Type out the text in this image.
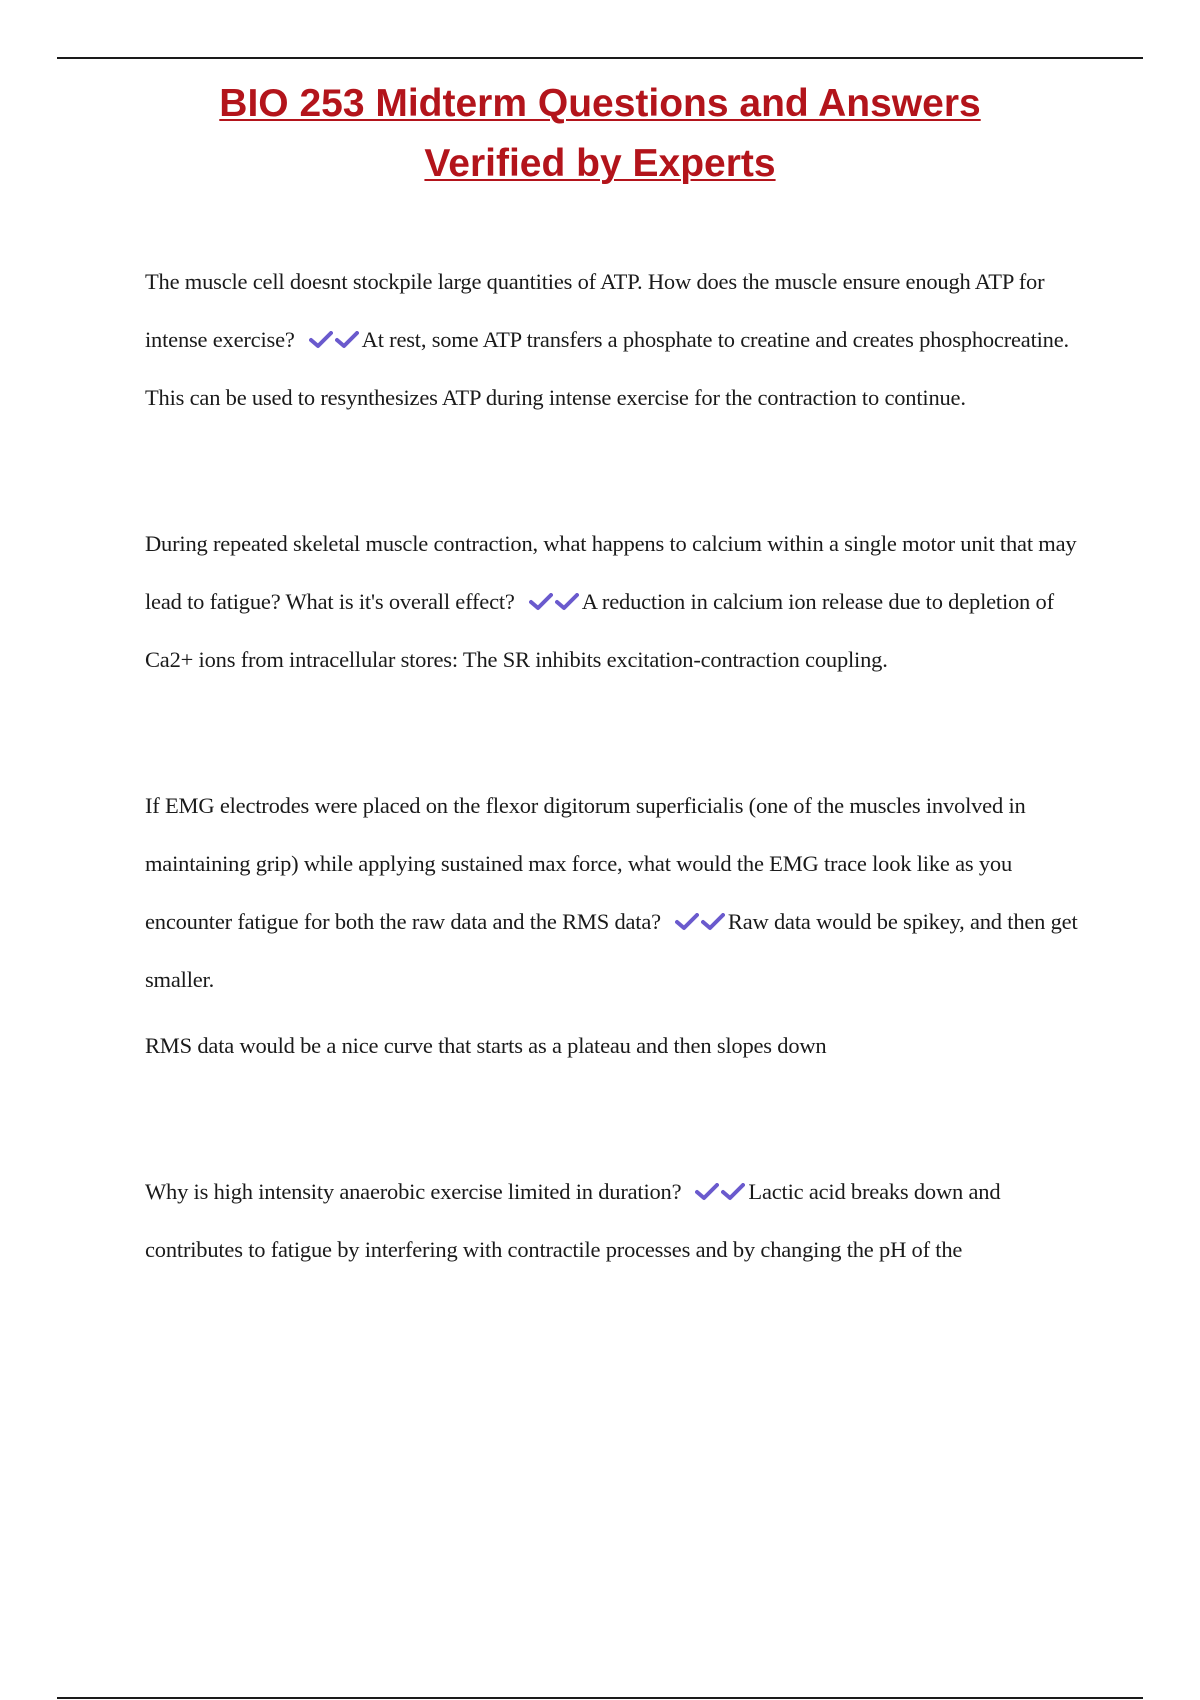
BIO 253 Midterm Questions and Answers
Verified by Experts

The muscle cell doesnt stockpile large quantities of ATP. How does the muscle ensure enough ATP for intense exercise?	At rest, some ATP transfers a phosphate to creatine and creates phosphocreatine. This can be used to resynthesizes ATP during intense exercise for the contraction to continue.

During repeated skeletal muscle contraction, what happens to calcium within a single motor unit that may lead to fatigue? What is it's overall effect?	A reduction in calcium ion release due to depletion of Ca2+ ions from intracellular stores: The SR inhibits excitation-contraction coupling.

If EMG electrodes were placed on the flexor digitorum superficialis (one of the muscles involved in maintaining grip) while applying sustained max force, what would the EMG trace look like as you encounter fatigue for both the raw data and the RMS data?	Raw data would be spikey, and then get smaller.

RMS data would be a nice curve that starts as a plateau and then slopes down

Why is high intensity anaerobic exercise limited in duration?	Lactic acid breaks down and contributes to fatigue by interfering with contractile processes and by changing the pH of the
